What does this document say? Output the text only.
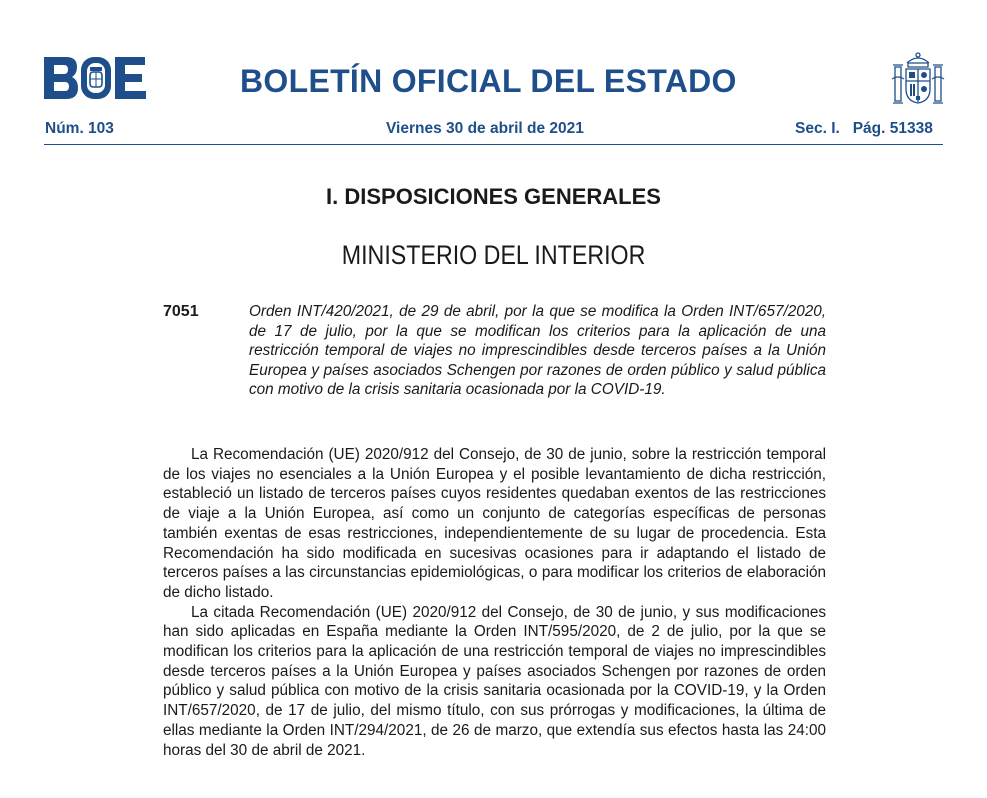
BOLETÍN OFICIAL DEL ESTADO
Núm. 103	Viernes 30 de abril de 2021	Sec. I.   Pág. 51338
I. DISPOSICIONES GENERALES
MINISTERIO DEL INTERIOR
7051	Orden INT/420/2021, de 29 de abril, por la que se modifica la Orden INT/657/2020, de 17 de julio, por la que se modifican los criterios para la aplicación de una restricción temporal de viajes no imprescindibles desde terceros países a la Unión Europea y países asociados Schengen por razones de orden público y salud pública con motivo de la crisis sanitaria ocasionada por la COVID-19.

La Recomendación (UE) 2020/912 del Consejo, de 30 de junio, sobre la restricción temporal de los viajes no esenciales a la Unión Europea y el posible levantamiento de dicha restricción, estableció un listado de terceros países cuyos residentes quedaban exentos de las restricciones de viaje a la Unión Europea, así como un conjunto de categorías específicas de personas también exentas de esas restricciones, independientemente de su lugar de procedencia. Esta Recomendación ha sido modificada en sucesivas ocasiones para ir adaptando el listado de terceros países a las circunstancias epidemiológicas, o para modificar los criterios de elaboración de dicho listado.

La citada Recomendación (UE) 2020/912 del Consejo, de 30 de junio, y sus modificaciones han sido aplicadas en España mediante la Orden INT/595/2020, de 2 de julio, por la que se modifican los criterios para la aplicación de una restricción temporal de viajes no imprescindibles desde terceros países a la Unión Europea y países asociados Schengen por razones de orden público y salud pública con motivo de la crisis sanitaria ocasionada por la COVID-19, y la Orden INT/657/2020, de 17 de julio, del mismo título, con sus prórrogas y modificaciones, la última de ellas mediante la Orden INT/294/2021, de 26 de marzo, que extendía sus efectos hasta las 24:00 horas del 30 de abril de 2021.
